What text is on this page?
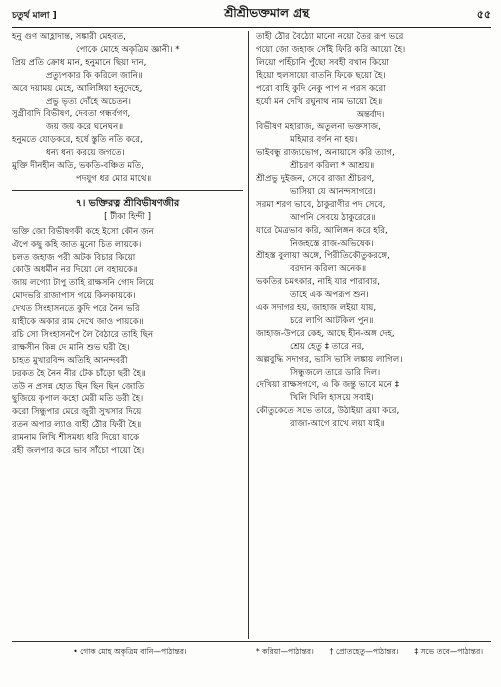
চতুর্থ মালা ]	শ্রীশ্রীভক্তমাল গ্রন্থ	৫৫
হনু গুণ আহ্লাদান্ত, সঙ্কারী মেহবত,
পোকে মোহে অকৃত্রিম জ্ঞানী। *
প্রিয় প্রতি ক্রোধ মান, হনুমানে ছিয়া দান,
প্রত্যুপকার কি করিলে জানি॥
অবে দয়াময় মেহে, আলিঙ্গিয়া হনুদেহে,
প্রভু ভৃত্য দোঁহে অচেতন।
সুগ্রীবাদি বিভীষণ, দেবতা গন্ধর্বগণ,
জয় জয় করে ঘনেঘন॥
হনুমতে যোড়করে, হর্ষে স্তুতি নতি করে,
ধন্য ধন্য করয়ে জগতে।
মুক্তি দীনহীন অতি, ভকতি-বঞ্চিত মতি,
পদযুগ ধর মোর মাথে॥
৭। ভক্তিরত্ন শ্রীবিভীষণজীর
[ টীকা হিন্দী ]
ভক্তি জো বিভীষণকী কহে ইসো কৌন জন
ঐপে কছু কহি জাত মুনো চিত লায়কে।
চলত জহাজ পরী অটক বিচার কিয়ো
কোউ অধর্মীন নর দিয়ো লে বহায়কে॥
জায় লগ্যো টাপু তাহি রাক্ষসনি গোদ লিয়ে
মোদভরি রাজাপাস গয়ে কিলকায়কে।
দেখত সিংহাসনতে কুদি পরে নৈন ভরি
য়াহীকে অকার রাম দেখে জাও পায়কে॥
রচি সো সিংহাসনপৈ লৈ বৈঠারে তাহি ছিন
রাক্ষসীন কিন্ন দে মানি শুভ ঘরী হৈ।
চাহত মুখারবিন্দ অতিহি আনন্দবরী
ঢরকত হৈ নৈন নীর টেক চাঁড়ো ছরী হৈ॥
তউ ন প্রসন্ন হোত ছিন ছিন ছিন জোতি
ছুজিয়ে কৃপাল কহো মেরী মতি ডরী হৈ।
করো সিন্ধুপার মেরে জুরী সুখসার দিয়ে
রতন অপার ল্যাও বাহী ঠৌর ফিরী হৈ॥
রামনাম লিখি শীসমধ্য ধরি দিয়ো যাকে
রহী জলপার করে ভাব সাঁচো পায়ো হৈ।
তাহী ঠৌর বৈঠ্যো মানো নয়ো তৈর রূপ ভরে
গয়ো জো জহাজ সোঁই ফিরি করি আয়ো হৈ।
লিয়ো পহিঁচানি পুঁছো সবহী বখান কিয়ো
হিয়ো হুলসায়ো বাতনি ফিকে ছয়ো হৈ।
পরো বাহি কুদি নেকু পাপ ন পরস করো
হর্যো মন দেখি রঘুনাথ নাম ভায়ো হৈ॥
অন্তর্বাদ।
বিভীষণ মহারাজ, অতুলনা ভক্তসাজ,
মহিমার বর্ণন না হয়।
ভাইবন্ধু রাজ্যভোগ, অনায়াসে করি ত্যাগ,
শ্রীচরণ করিলা * আশ্রয়॥
শ্রীপ্রভু দুইজন, সেবে রাজা শ্রীচরণ,
ভাসিয়া যে আনন্দসাগরে।
সরমা শরণ ভাবে, ঠাকুরাণীর পদ সেবে,
আপনি সেবয়ে ঠাকুরেরে॥
যারে মৈত্রভাব করি, আলিঙ্গন করে হরি,
নিজহস্তে রাজ-অভিষেক।
শ্রীহস্ত বুলায়া অঙ্গে, পিরীতিকৌতুকরঙ্গে,
বরদান করিলা অনেক॥
ভকতির চমৎকার, নাহি যার পারাবার,
তাহে এক অপরূপ শুন।
এক সদাগর হয়, জাহাজ লইয়া যায়,
চরে লাগি আটকিল পুন॥
জাহাজ-উপরে কেহ, আছে হীন-অঙ্গ দেহ,
শ্রেয় হেতু ‡ তারে নর,
অল্পবুদ্ধি সদাগর, ভাসি ভাসি লঙ্কায় লাগিল।
সিন্ধুজলে তারে ডারি দিল।
দেখিয়া রাক্ষসগণে, এ কি জন্তু ভাবে মনে ‡
খিলি খিলি হাসয়ে সবাই।
কৌতুকেতে সভে তারে, উঠাইয়া ব্রয়া করে,
রাজা-আগে রাখে লয়া যাই॥
• গোক মোহ অকৃত্রিম বানি—পাঠান্তর।	* করিয়া—পাঠান্তর। † প্রোতহেতু—পাঠান্তর। ‡ সভে তবে—পাঠান্তর।
